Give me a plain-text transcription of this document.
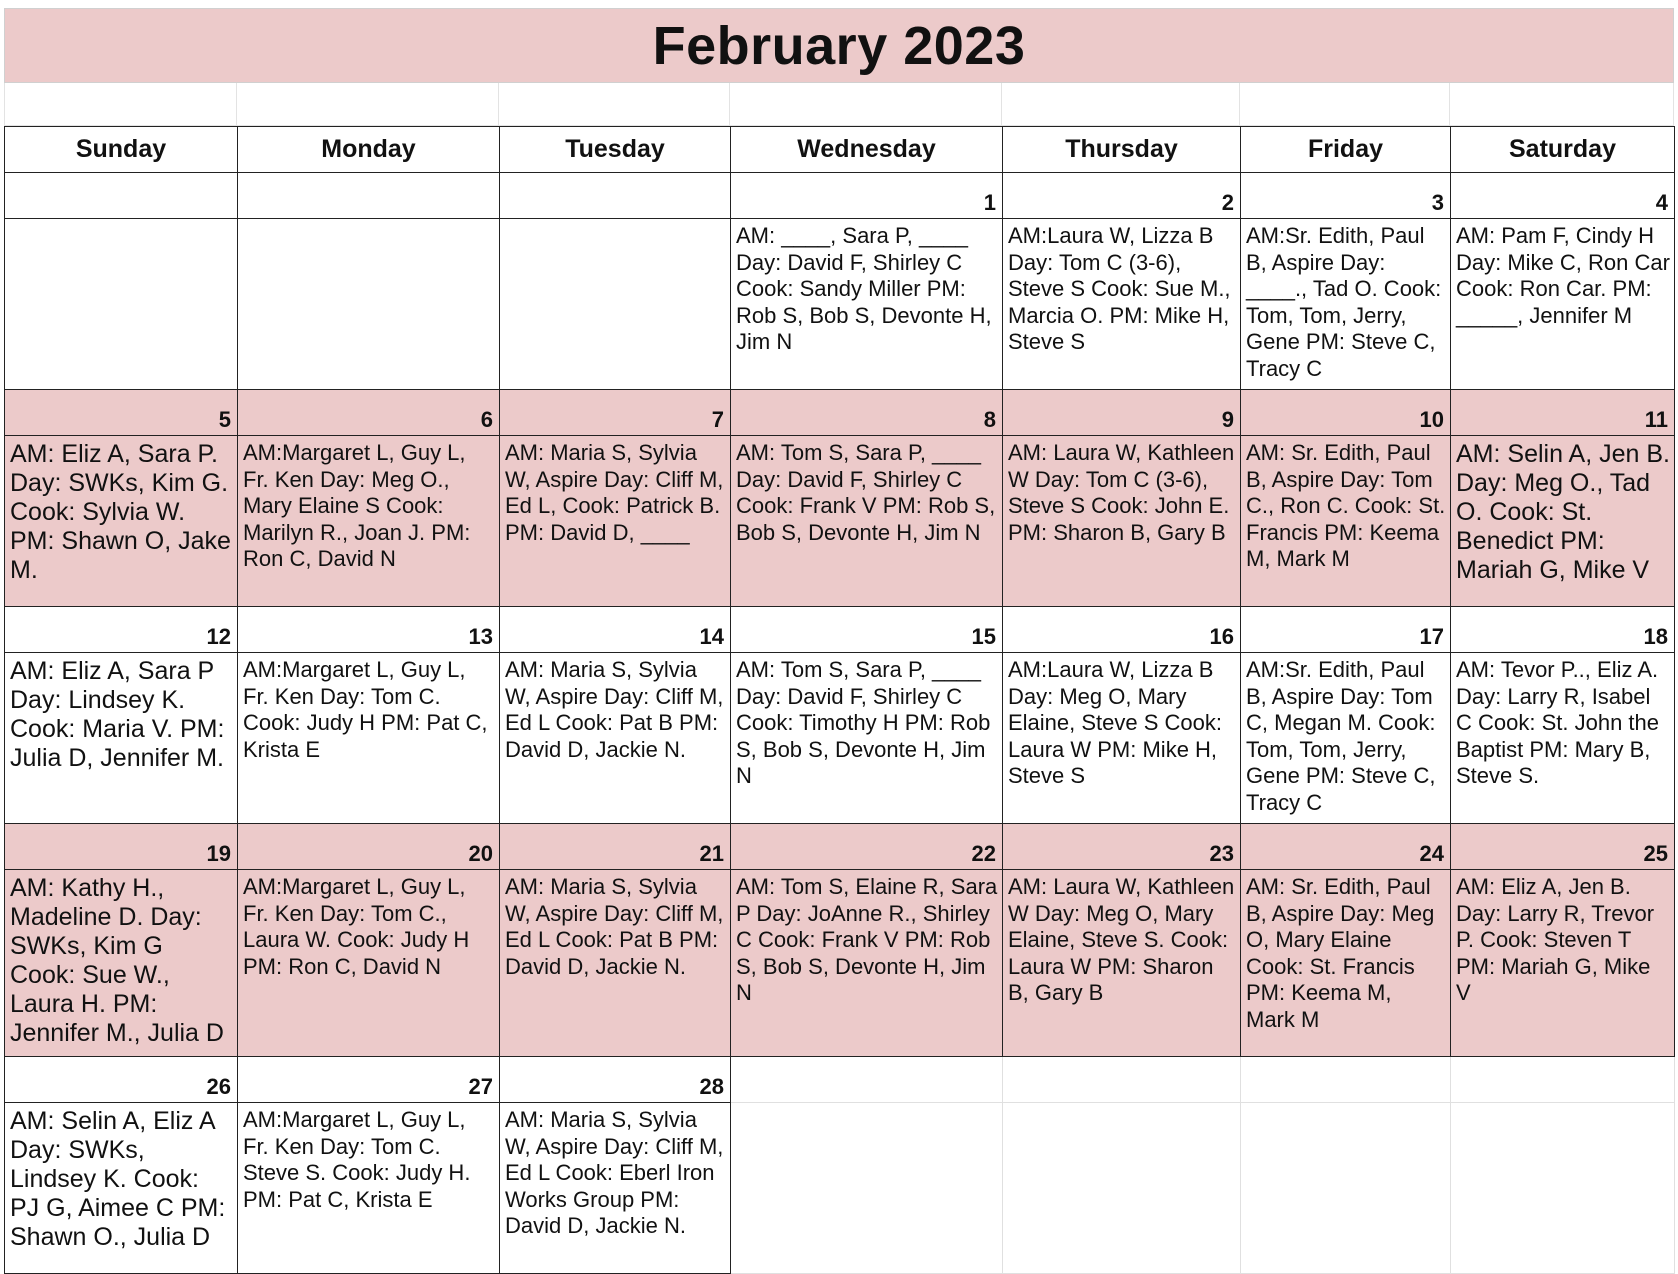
February 2023
Sunday	Monday	Tuesday	Wednesday	Thursday	Friday	Saturday
			1	2	3	4
			AM: ____, Sara P, ____ Day: David F, Shirley C Cook: Sandy Miller PM: Rob S, Bob S, Devonte H, Jim N	AM:Laura W, Lizza B Day: Tom C (3-6), Steve S Cook: Sue M., Marcia O. PM: Mike H, Steve S	AM:Sr. Edith, Paul B, Aspire Day: ____., Tad O. Cook: Tom, Tom, Jerry, Gene PM: Steve C, Tracy C	AM: Pam F, Cindy H Day: Mike C, Ron Car Cook: Ron Car. PM: _____, Jennifer M
5	6	7	8	9	10	11
AM: Eliz A, Sara P. Day: SWKs, Kim G. Cook: Sylvia W. PM: Shawn O, Jake M.	AM:Margaret L, Guy L, Fr. Ken Day: Meg O., Mary Elaine S Cook: Marilyn R., Joan J. PM: Ron C, David N	AM: Maria S, Sylvia W, Aspire Day: Cliff M, Ed L, Cook: Patrick B. PM: David D, ____	AM: Tom S, Sara P, ____ Day: David F, Shirley C Cook: Frank V PM: Rob S, Bob S, Devonte H, Jim N	AM: Laura W, Kathleen W Day: Tom C (3-6), Steve S Cook: John E. PM: Sharon B, Gary B	AM: Sr. Edith, Paul B, Aspire Day: Tom C., Ron C. Cook: St. Francis PM: Keema M, Mark M	AM: Selin A, Jen B. Day: Meg O., Tad O. Cook: St. Benedict PM: Mariah G, Mike V
12	13	14	15	16	17	18
AM: Eliz A, Sara P Day: Lindsey K. Cook: Maria V. PM: Julia D, Jennifer M.	AM:Margaret L, Guy L, Fr. Ken Day: Tom C. Cook: Judy H PM: Pat C, Krista E	AM: Maria S, Sylvia W, Aspire Day: Cliff M, Ed L Cook: Pat B PM: David D, Jackie N.	AM: Tom S, Sara P, ____ Day: David F, Shirley C Cook: Timothy H PM: Rob S, Bob S, Devonte H, Jim N	AM:Laura W, Lizza B Day: Meg O, Mary Elaine, Steve S Cook: Laura W PM: Mike H, Steve S	AM:Sr. Edith, Paul B, Aspire Day: Tom C, Megan M. Cook: Tom, Tom, Jerry, Gene PM: Steve C, Tracy C	AM: Tevor P.., Eliz A. Day: Larry R, Isabel C Cook: St. John the Baptist PM: Mary B, Steve S.
19	20	21	22	23	24	25
AM: Kathy H., Madeline D. Day: SWKs, Kim G Cook: Sue W., Laura H. PM: Jennifer M., Julia D	AM:Margaret L, Guy L, Fr. Ken Day: Tom C., Laura W. Cook: Judy H PM: Ron C, David N	AM: Maria S, Sylvia W, Aspire Day: Cliff M, Ed L Cook: Pat B PM: David D, Jackie N.	AM: Tom S, Elaine R, Sara P Day: JoAnne R., Shirley C Cook: Frank V PM: Rob S, Bob S, Devonte H, Jim N	AM: Laura W, Kathleen W Day: Meg O, Mary Elaine, Steve S. Cook: Laura W PM: Sharon B, Gary B	AM: Sr. Edith, Paul B, Aspire Day: Meg O, Mary Elaine Cook: St. Francis PM: Keema M, Mark M	AM: Eliz A, Jen B. Day: Larry R, Trevor P. Cook: Steven T PM: Mariah G, Mike V
26	27	28				
AM: Selin A, Eliz A Day: SWKs, Lindsey K. Cook: PJ G, Aimee C PM: Shawn O., Julia D	AM:Margaret L, Guy L, Fr. Ken Day: Tom C. Steve S. Cook: Judy H. PM: Pat C, Krista E	AM: Maria S, Sylvia W, Aspire Day: Cliff M, Ed L Cook: Eberl Iron Works Group PM: David D, Jackie N.				
